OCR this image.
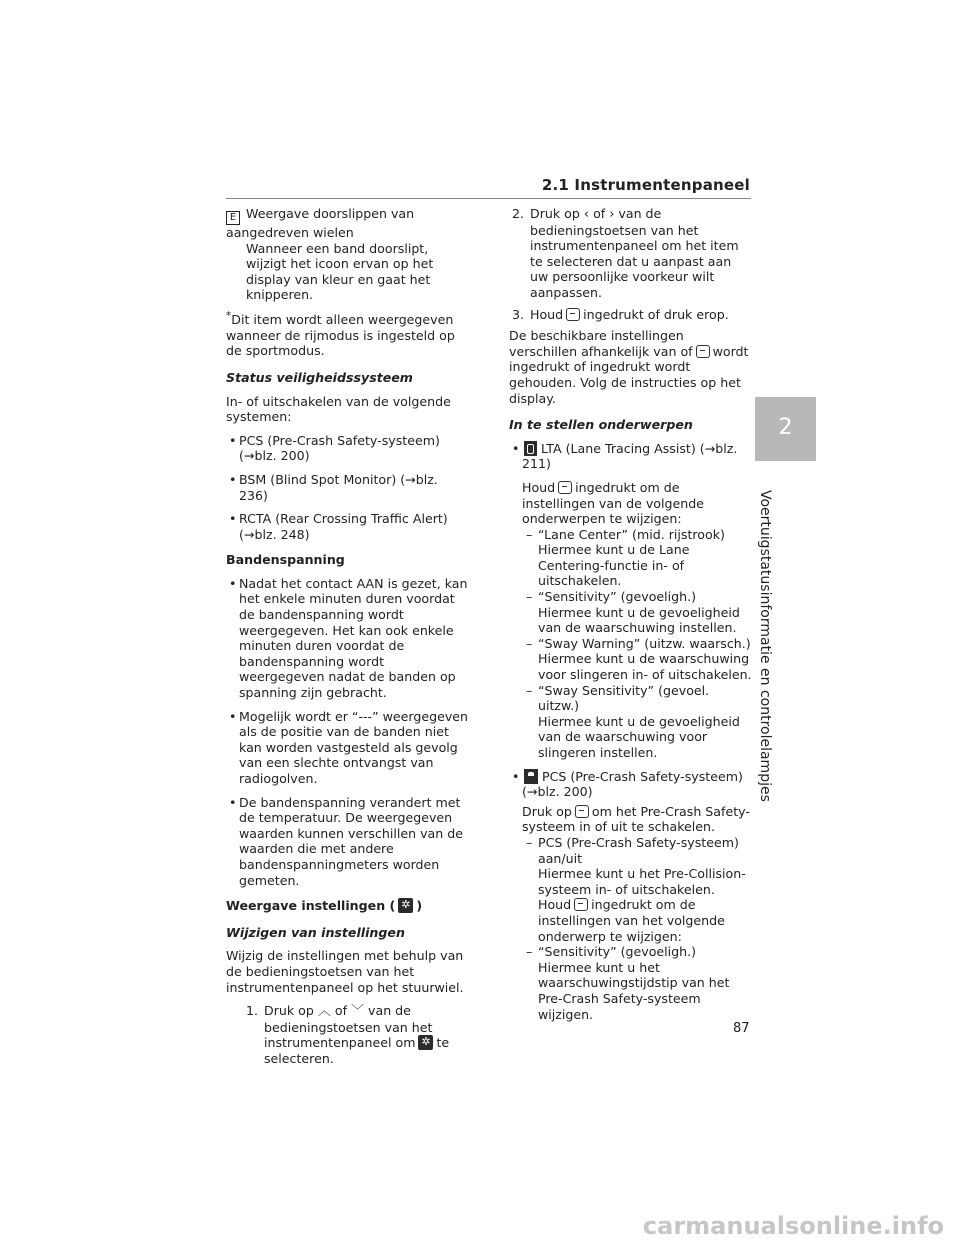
2.1 Instrumentenpaneel

E Weergave doorslippen van aangedreven wielen

Wanneer een band doorslipt, wijzigt het icoon ervan op het display van kleur en gaat het knipperen.

*Dit item wordt alleen weergegeven wanneer de rijmodus is ingesteld op de sportmodus.

Status veiligheidssysteem

In- of uitschakelen van de volgende systemen:

• PCS (Pre-Crash Safety-systeem) (→blz. 200)
• BSM (Blind Spot Monitor) (→blz. 236)
• RCTA (Rear Crossing Traffic Alert) (→blz. 248)
Bandenspanning
• Nadat het contact AAN is gezet, kan het enkele minuten duren voordat de bandenspanning wordt weergegeven. Het kan ook enkele minuten duren voordat de bandenspanning wordt weergegeven nadat de banden op spanning zijn gebracht.
• Mogelijk wordt er “---” weergegeven als de positie van de banden niet kan worden vastgesteld als gevolg van een slechte ontvangst van radiogolven.
• De bandenspanning verandert met de temperatuur. De weergegeven waarden kunnen verschillen van de waarden die met andere bandenspanningmeters worden gemeten.
Weergave instellingen ( ✲ )
Wijzigen van instellingen

Wijzig de instellingen met behulp van de bedieningstoetsen van het instrumentenpaneel op het stuurwiel.

1. Druk op ︿ of ﹀ van de bedieningstoetsen van het instrumentenpaneel om ✲ te selecteren.
2. Druk op ‹ of › van de bedieningstoetsen van het instrumentenpaneel om het item te selecteren dat u aanpast aan uw persoonlijke voorkeur wilt aanpassen.
3. Houd ingedrukt of druk erop.

De beschikbare instellingen verschillen afhankelijk van of wordt ingedrukt of ingedrukt wordt gehouden. Volg de instructies op het display.

In te stellen onderwerpen
• LTA (Lane Tracing Assist) (→blz. 211)

Houd ingedrukt om de instellingen van de volgende onderwerpen te wijzigen:

– “Lane Center” (mid. rijstrook)
Hiermee kunt u de Lane Centering-functie in- of uitschakelen.
– “Sensitivity” (gevoeligh.)
Hiermee kunt u de gevoeligheid van de waarschuwing instellen.
– “Sway Warning” (uitzw. waarsch.)
Hiermee kunt u de waarschuwing voor slingeren in- of uitschakelen.
– “Sway Sensitivity” (gevoel. uitzw.)
Hiermee kunt u de gevoeligheid van de waarschuwing voor slingeren instellen.
• PCS (Pre-Crash Safety-systeem) (→blz. 200)

Druk op om het Pre-Crash Safety-systeem in of uit te schakelen.

– PCS (Pre-Crash Safety-systeem) aan/uit
Hiermee kunt u het Pre-Collision-systeem in- of uitschakelen.
Houd ingedrukt om de instellingen van het volgende onderwerp te wijzigen:
– “Sensitivity” (gevoeligh.)
Hiermee kunt u het waarschuwingstijdstip van het Pre-Crash Safety-systeem wijzigen.
2
Voertuigstatusinformatie en controlelampjes
87
carmanualsonline.info
